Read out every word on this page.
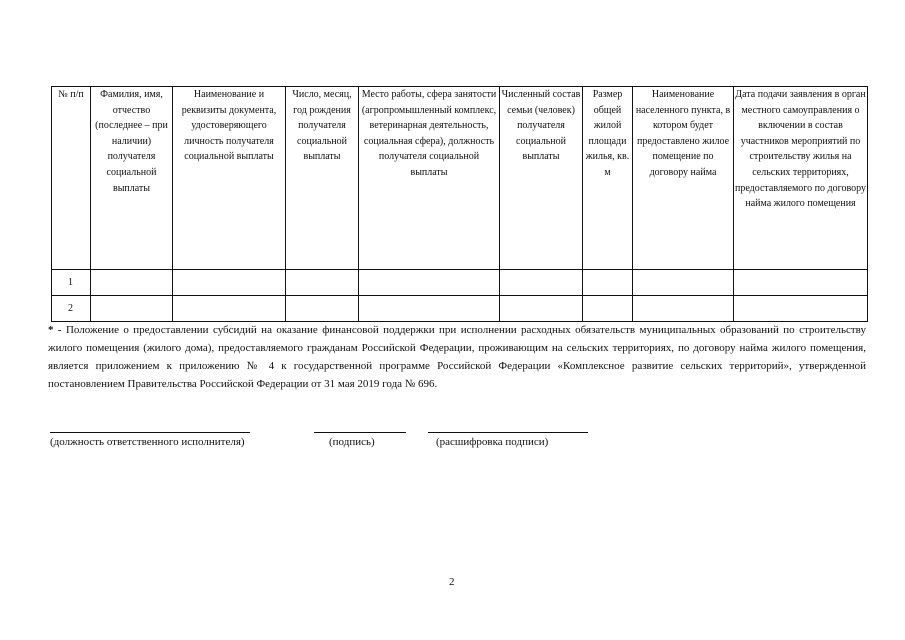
№ п/п	Фамилия, имя, отчество (последнее – при наличии) получателя социальной выплаты	Наименование и реквизиты документа, удостоверяющего личность получателя социальной выплаты	Число, месяц, год рождения получателя социальной выплаты	Место работы, сфера занятости (агропромышленный комплекс, ветеринарная деятельность, социальная сфера), должность получателя социальной выплаты	Численный состав семьи (человек) получателя социальной выплаты	Размер общей жилой площади жилья, кв. м	Наименование населенного пункта, в котором будет предоставлено жилое помещение по договору найма	Дата подачи заявления в орган местного самоуправления о включении в состав участников мероприятий по строительству жилья на сельских территориях, предоставляемого по договору найма жилого помещения
1								
2								

* - Положение о предоставлении субсидий на оказание финансовой поддержки при исполнении расходных обязательств муниципальных образований по строительству жилого помещения (жилого дома), предоставляемого гражданам Российской Федерации, проживающим на сельских территориях, по договору найма жилого помещения, является приложением к приложению № 4 к государственной программе Российской Федерации «Комплексное развитие сельских территорий», утвержденной постановлением Правительства Российской Федерации от 31 мая 2019 года № 696.

(должность ответственного исполнителя)	(подпись)	(расшифровка подписи)
2
